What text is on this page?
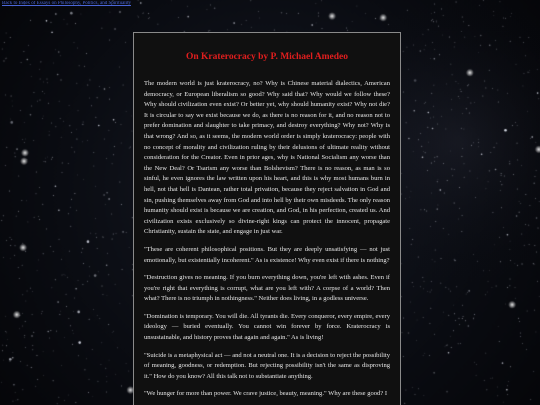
Back to Index of Essays on Philosophy, Politics, and Spirituality
On Kraterocracy by P. Michael Amedeo

The modern world is just kraterocracy, no? Why is Chinese material dialectics, American democracy, or European liberalism so good? Why said that? Why would we follow these? Why should civilization even exist? Or better yet, why should humanity exist? Why not die? It is circular to say we exist because we do, as there is no reason for it, and no reason not to prefer domination and slaughter to take primacy, and destroy everything? Why not? Why is that wrong? And so, as it seems, the modern world order is simply kraterocracy: people with no concept of morality and civilization ruling by their delusions of ultimate reality without consideration for the Creator. Even in prior ages, why is National Socialism any worse than the New Deal? Or Tsarism any worse than Bolshevism? There is no reason, as man is so sinful, he even ignores the law written upon his heart, and this is why most humans burn in hell, not that hell is Dantean, rather total privation, because they reject salvation in God and sin, pushing themselves away from God and into hell by their own misdeeds. The only reason humanity should exist is because we are creation, and God, in his perfection, created us. And civilization exists exclusively so divine-right kings can protect the innocent, propagate Christianity, sustain the state, and engage in just war.

"These are coherent philosophical positions. But they are deeply unsatisfying — not just emotionally, but existentially incoherent." As is existence! Why even exist if there is nothing?

"Destruction gives no meaning. If you burn everything down, you're left with ashes. Even if you're right that everything is corrupt, what are you left with? A corpse of a world? Then what? There is no triumph in nothingness." Neither does living, in a godless universe.

"Domination is temporary. You will die. All tyrants die. Every conqueror, every empire, every ideology — buried eventually. You cannot win forever by force. Kraterocracy is unsustainable, and history proves that again and again." As is living!

"Suicide is a metaphysical act — and not a neutral one. It is a decision to reject the possibility of meaning, goodness, or redemption. But rejecting possibility isn't the same as disproving it." How do you know? All this talk not to substantiate anything.

"We hunger for more than power. We crave justice, beauty, meaning." Why are these good? I
